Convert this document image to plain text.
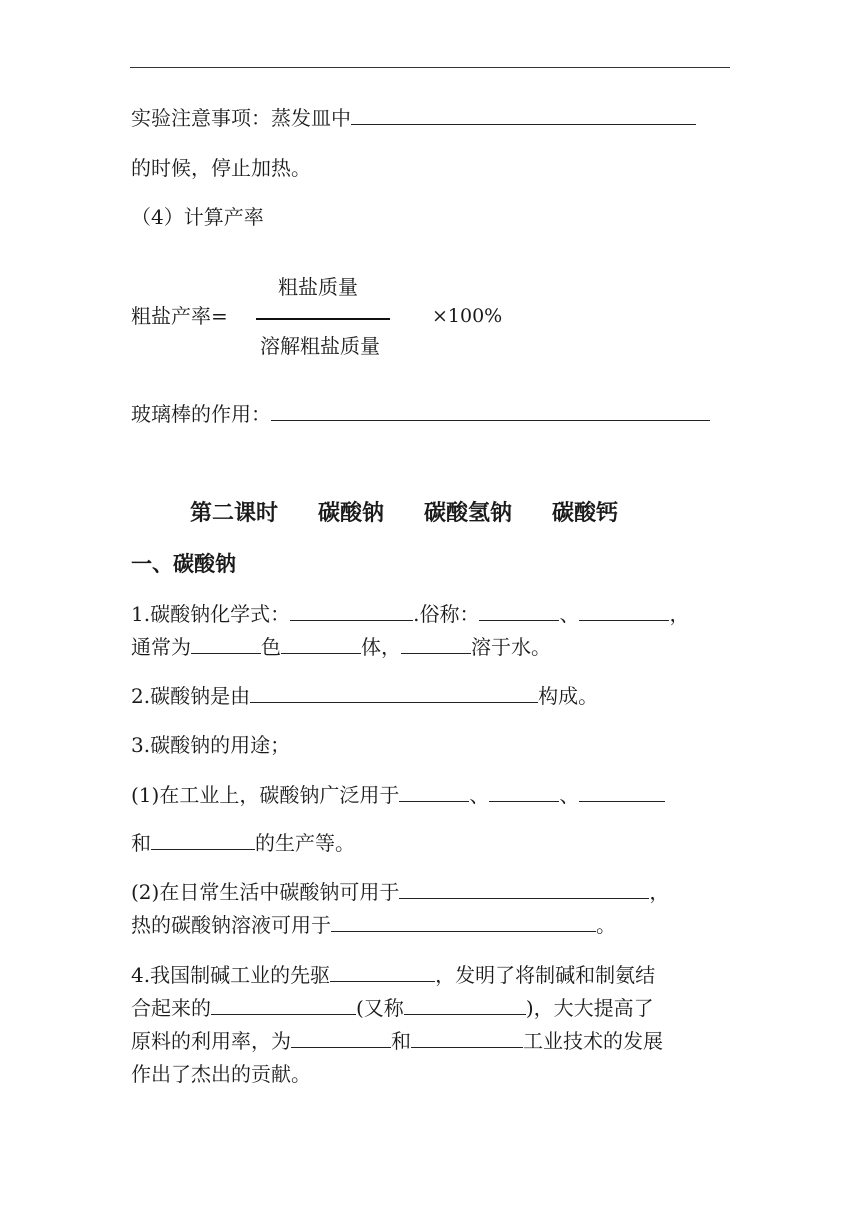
实验注意事项：蒸发皿中
的时候，停止加热。
（4）计算产率
粗盐质量
溶解粗盐质量
粗盐产率=	×100%
玻璃棒的作用：
第二课时 碳酸钠 碳酸氢钠 碳酸钙
一、碳酸钠
1.碳酸钠化学式：	.俗称：	、	，
通常为	色	体，	溶于水。
2.碳酸钠是由	构成。
3.碳酸钠的用途；
(1)在工业上，碳酸钠广泛用于	、	、
和	的生产等。
(2)在日常生活中碳酸钠可用于	，
热的碳酸钠溶液可用于	。
4.我国制碱工业的先驱	，发明了将制碱和制氨结
合起来的	(又称	)，大大提高了
原料的利用率，为	和	工业技术的发展
作出了杰出的贡献。
